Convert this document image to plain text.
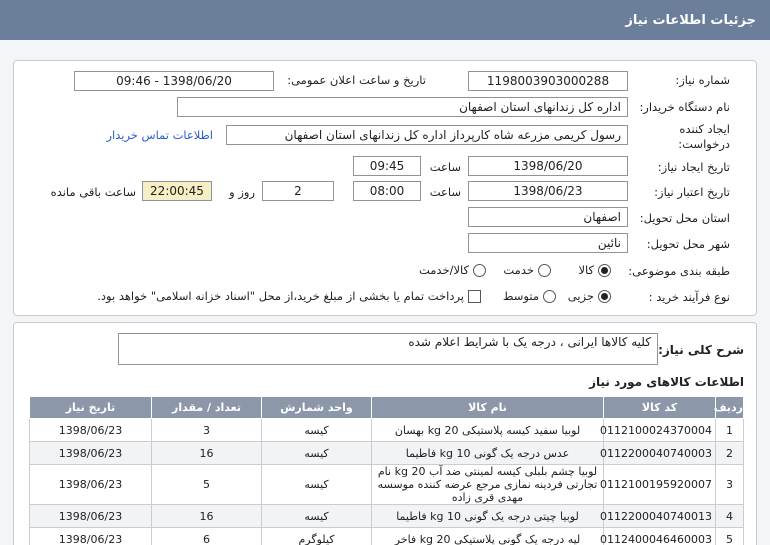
جزئیات اطلاعات نیاز
شماره نیاز:
1198003903000288
تاریخ و ساعت اعلان عمومی:
1398/06/20 - 09:46
نام دستگاه خریدار:
اداره کل زندانهای استان اصفهان
ایجاد کننده
درخواست:
رسول کریمی مزرعه شاه کارپرداز اداره کل زندانهای استان اصفهان
اطلاعات تماس خریدار
تاریخ ایجاد نیاز:
1398/06/20
ساعت
09:45
تاریخ اعتبار نیاز:
1398/06/23
ساعت
08:00
2
روز و
22:00:45
ساعت باقی مانده
استان محل تحویل:
اصفهان
شهر محل تحویل:
نائین
طبقه بندی موضوعی:
کالا
خدمت
کالا/خدمت
نوع فرآیند خرید :
جزیی
متوسط
پرداخت تمام یا بخشی از مبلغ خرید،از محل "اسناد خزانه اسلامی" خواهد بود.
شرح کلی نیاز:
کلیه کالاها ایرانی ، درجه یک با شرایط اعلام شده
اطلاعات کالاهای مورد نیاز
ردیف	کد کالا	نام کالا	واحد شمارش	تعداد / مقدار	تاریخ نیاز
1	0112100024370004	لوبیا سفید کیسه پلاستیکی 20 kg بهسان	کیسه	3	1398/06/23
2	0112200040740003	عدس درجه یک گونی 10 kg فاطیما	کیسه	16	1398/06/23
3	0112100195920007	لوبیا چشم بلبلی کیسه لمینتی ضد آب 20 kg نام تجارتی فردینه نمازی مرجع عرضه کننده موسسه مهدی قری زاده	کیسه	5	1398/06/23
4	0112200040740013	لوبیا چیتی درجه یک گونی 10 kg فاطیما	کیسه	16	1398/06/23
5	0112400046460003	لپه درجه یک گونی پلاستیکی 20 kg فاخر	کیلوگرم	6	1398/06/23
